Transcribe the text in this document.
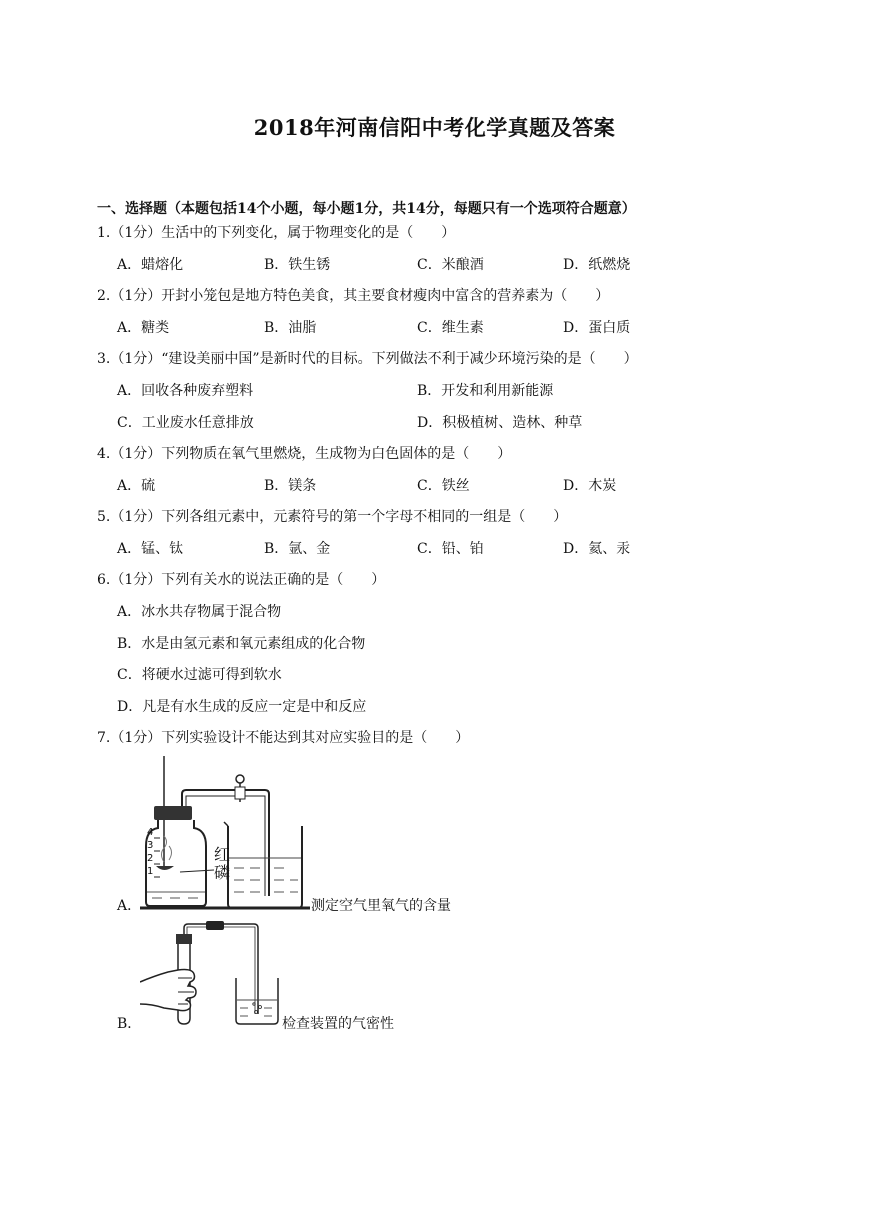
2018年河南信阳中考化学真题及答案
一、选择题（本题包括14个小题，每小题1分，共14分，每题只有一个选项符合题意）
1.（1分）生活中的下列变化，属于物理变化的是（　　）
A．蜡熔化	B．铁生锈	C．米酿酒	D．纸燃烧
2.（1分）开封小笼包是地方特色美食，其主要食材瘦肉中富含的营养素为（　　）
A．糖类	B．油脂	C．维生素	D．蛋白质
3.（1分）“建设美丽中国”是新时代的目标。下列做法不利于减少环境污染的是（　　）
A．回收各种废弃塑料	B．开发和利用新能源
C．工业废水任意排放	D．积极植树、造林、种草
4.（1分）下列物质在氧气里燃烧，生成物为白色固体的是（　　）
A．硫	B．镁条	C．铁丝	D．木炭
5.（1分）下列各组元素中，元素符号的第一个字母不相同的一组是（　　）
A．锰、钛	B．氩、金	C．铅、铂	D．氦、汞
6.（1分）下列有关水的说法正确的是（　　）
A．冰水共存物属于混合物
B．水是由氢元素和氧元素组成的化合物
C．将硬水过滤可得到软水
D．凡是有水生成的反应一定是中和反应
7.（1分）下列实验设计不能达到其对应实验目的是（　　）
A．
4
3
2
1
红磷
测定空气里氧气的含量
B．	检查装置的气密性
